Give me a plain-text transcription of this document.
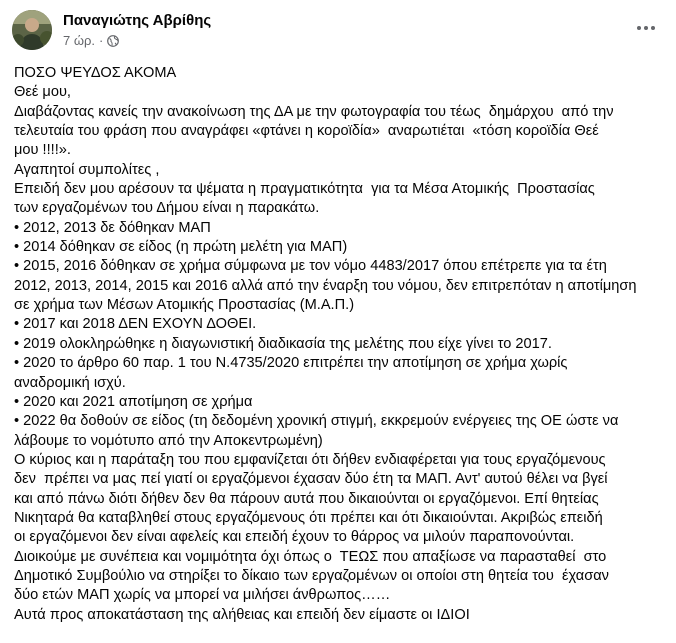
Παναγιώτης Αβρίθης
7 ώρ. ·
ΠΟΣΟ ΨΕΥΔΟΣ ΑΚΟΜΑ
Θεέ μου,
Διαβάζοντας κανείς την ανακοίνωση της ΔΑ με την φωτογραφία του τέως  δημάρχου  από την
τελευταία του φράση που αναγράφει «φτάνει η κοροϊδία»  αναρωτιέται  «τόση κοροϊδία Θεέ
μου !!!!».
Αγαπητοί συμπολίτες ,
Επειδή δεν μου αρέσουν τα ψέματα η πραγματικότητα  για τα Μέσα Ατομικής  Προστασίας
των εργαζομένων του Δήμου είναι η παρακάτω.
• 2012, 2013 δε δόθηκαν ΜΑΠ
• 2014 δόθηκαν σε είδος (η πρώτη μελέτη για ΜΑΠ)
• 2015, 2016 δόθηκαν σε χρήμα σύμφωνα με τον νόμο 4483/2017 όπου επέτρεπε για τα έτη
2012, 2013, 2014, 2015 και 2016 αλλά από την έναρξη του νόμου, δεν επιτρεπόταν η αποτίμηση
σε χρήμα των Μέσων Ατομικής Προστασίας (Μ.Α.Π.)
• 2017 και 2018 ΔΕΝ ΕΧΟΥΝ ΔΟΘΕΙ.
• 2019 ολοκληρώθηκε η διαγωνιστική διαδικασία της μελέτης που είχε γίνει το 2017.
• 2020 το άρθρο 60 παρ. 1 του Ν.4735/2020 επιτρέπει την αποτίμηση σε χρήμα χωρίς
αναδρομική ισχύ.
• 2020 και 2021 αποτίμηση σε χρήμα
• 2022 θα δοθούν σε είδος (τη δεδομένη χρονική στιγμή, εκκρεμούν ενέργειες της ΟΕ ώστε να
λάβουμε το νομότυπο από την Αποκεντρωμένη)
Ο κύριος και η παράταξη του που εμφανίζεται ότι δήθεν ενδιαφέρεται για τους εργαζόμενους
δεν  πρέπει να μας πεί γιατί οι εργαζόμενοι έχασαν δύο έτη τα ΜΑΠ. Αντ' αυτού θέλει να βγεί
και από πάνω διότι δήθεν δεν θα πάρουν αυτά που δικαιούνται οι εργαζόμενοι. Επί θητείας
Νικηταρά θα καταβληθεί στους εργαζόμενους ότι πρέπει και ότι δικαιούνται. Ακριβώς επειδή
οι εργαζόμενοι δεν είναι αφελείς και επειδή έχουν το θάρρος να μιλούν παραπονούνται.
Διοικούμε με συνέπεια και νομιμότητα όχι όπως ο  ΤΕΩΣ που απαξίωσε να παρασταθεί  στο
Δημοτικό Συμβούλιο να στηρίξει το δίκαιο των εργαζομένων οι οποίοι στη θητεία του  έχασαν
δύο ετών ΜΑΠ χωρίς να μπορεί να μιλήσει άνθρωπος……
Αυτά προς αποκατάσταση της αλήθειας και επειδή δεν είμαστε οι ΙΔΙΟΙ
